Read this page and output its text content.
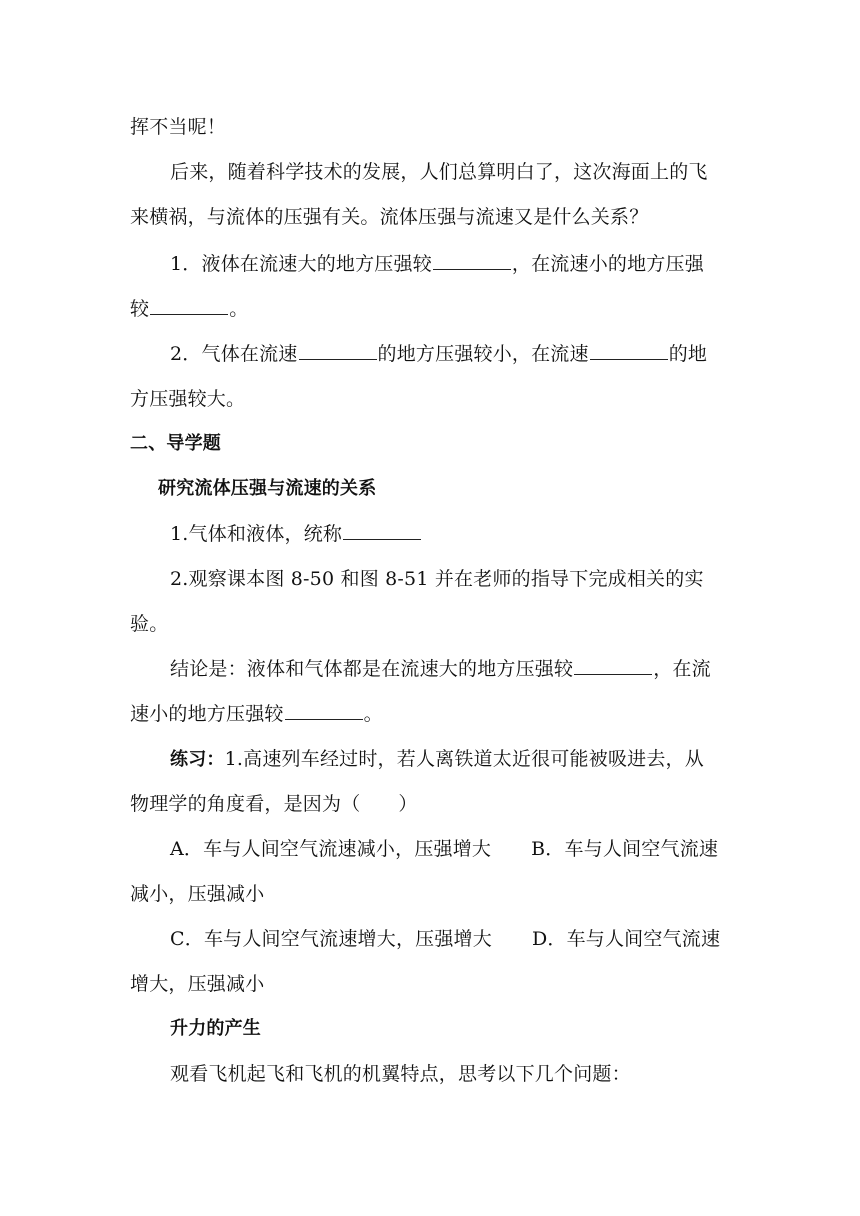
挥不当呢！
后来，随着科学技术的发展，人们总算明白了，这次海面上的飞
来横祸，与流体的压强有关。流体压强与流速又是什么关系？
1．液体在流速大的地方压强较	，在流速小的地方压强
较	。
2．气体在流速	的地方压强较小，在流速	的地
方压强较大。
二、导学题
研究流体压强与流速的关系
1.气体和液体，统称
2.观察课本图 8-50 和图 8-51 并在老师的指导下完成相关的实
验。
结论是：液体和气体都是在流速大的地方压强较	，在流
速小的地方压强较	。
练习：1.高速列车经过时，若人离铁道太近很可能被吸进去，从
物理学的角度看，是因为（ ）
A．车与人间空气流速减小，压强增大 B．车与人间空气流速
减小，压强减小
C．车与人间空气流速增大，压强增大 D．车与人间空气流速
增大，压强减小
升力的产生
观看飞机起飞和飞机的机翼特点，思考以下几个问题：
